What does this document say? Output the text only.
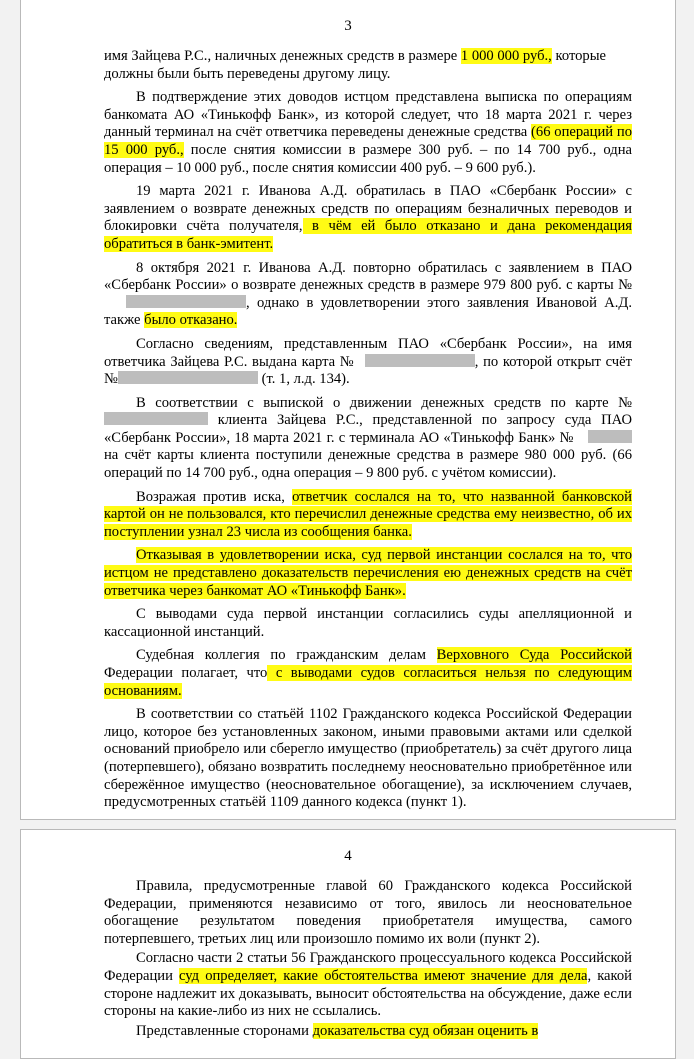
3

имя Зайцева Р.С., наличных денежных средств в размере 1 000 000 руб., которые
должны были быть переведены другому лицу.

В подтверждение этих доводов истцом представлена выписка по операциям банкомата АО «Тинькофф Банк», из которой следует, что 18 марта 2021 г. через данный терминал на счёт ответчика переведены денежные средства (66 операций по 15 000 руб., после снятия комиссии в размере 300 руб. – по 14 700 руб., одна операция – 10 000 руб., после снятия комиссии 400 руб. – 9 600 руб.).

19 марта 2021 г. Иванова А.Д. обратилась в ПАО «Сбербанк России» с заявлением о возврате денежных средств по операциям безналичных переводов и блокировки счёта получателя, в чём ей было отказано и дана рекомендация обратиться в банк-эмитент.

8 октября 2021 г. Иванова А.Д. повторно обратилась с заявлением в ПАО «Сбербанк России» о возврате денежных средств в размере 979 800 руб. с карты №, однако в удовлетворении этого заявления Ивановой А.Д. также было отказано.

Согласно сведениям, представленным ПАО «Сбербанк России», на имя ответчика Зайцева Р.С. выдана карта №	, по которой открыт счёт №	(т. 1, л.д. 134).

В соответствии с выпиской о движении денежных средств по карте № клиента Зайцева Р.С., представленной по запросу суда ПАО «Сбербанк России», 18 марта 2021 г. с терминала АО «Тинькофф Банк» № на счёт карты клиента поступили денежные средства в размере 980 000 руб. (66 операций по 14 700 руб., одна операция – 9 800 руб. с учётом комиссии).

Возражая против иска, ответчик сослался на то, что названной банковской картой он не пользовался, кто перечислил денежные средства ему неизвестно, об их поступлении узнал 23 числа из сообщения банка.

Отказывая в удовлетворении иска, суд первой инстанции сослался на то, что истцом не представлено доказательств перечисления ею денежных средств на счёт ответчика через банкомат АО «Тинькофф Банк».

С выводами суда первой инстанции согласились суды апелляционной и кассационной инстанций.

Судебная коллегия по гражданским делам Верховного Суда Российской Федерации полагает, что с выводами судов согласиться нельзя по следующим основаниям.

В соответствии со статьёй 1102 Гражданского кодекса Российской Федерации лицо, которое без установленных законом, иными правовыми актами или сделкой оснований приобрело или сберегло имущество (приобретатель) за счёт другого лица (потерпевшего), обязано возвратить последнему неосновательно приобретённое или сбережённое имущество (неосновательное обогащение), за исключением случаев, предусмотренных статьёй 1109 данного кодекса (пункт 1).

4

Правила, предусмотренные главой 60 Гражданского кодекса Российской Федерации, применяются независимо от того, явилось ли неосновательное обогащение результатом поведения приобретателя имущества, самого потерпевшего, третьих лиц или произошло помимо их воли (пункт 2).

Согласно части 2 статьи 56 Гражданского процессуального кодекса Российской Федерации суд определяет, какие обстоятельства имеют значение для дела, какой стороне надлежит их доказывать, выносит обстоятельства на обсуждение, даже если стороны на какие-либо из них не ссылались.

Представленные сторонами доказательства суд обязан оценить в
